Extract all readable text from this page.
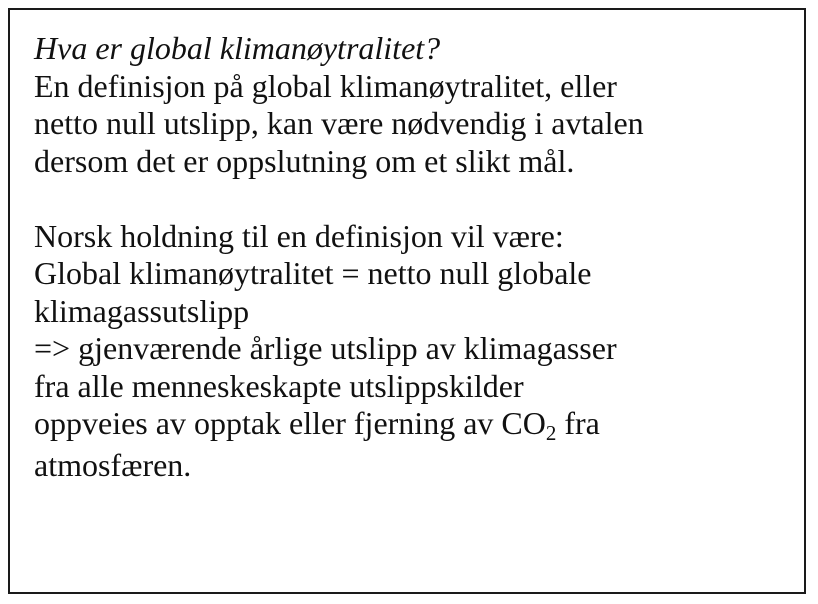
Hva er global klimanøytralitet?

En definisjon på global klimanøytralitet, eller

netto null utslipp, kan være nødvendig i avtalen

dersom det er oppslutning om et slikt mål.

Norsk holdning til en definisjon vil være:

Global klimanøytralitet = netto null globale

klimagassutslipp

=> gjenværende årlige utslipp av klimagasser

fra alle menneskeskapte utslippskilder

oppveies av opptak eller fjerning av CO2 fra

atmosfæren.
